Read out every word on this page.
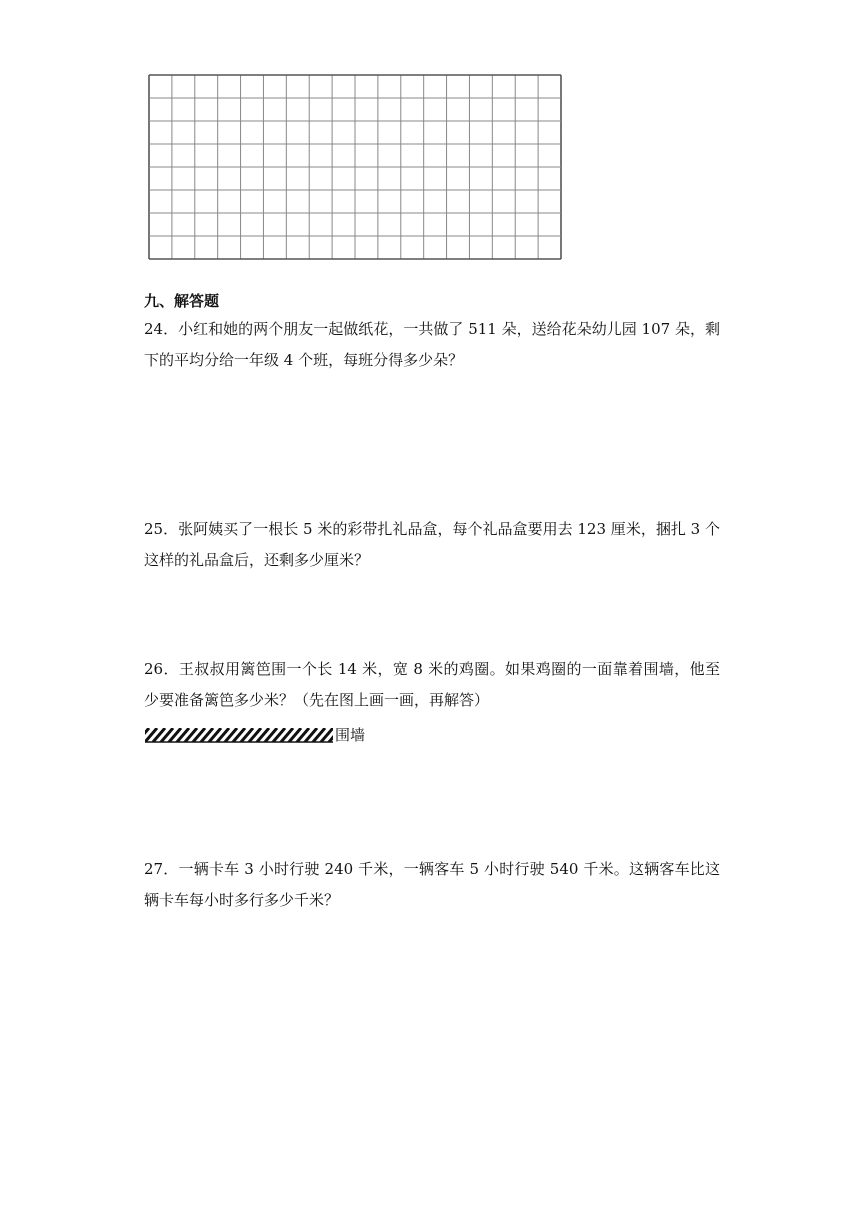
九、解答题

24．小红和她的两个朋友一起做纸花，一共做了 511 朵，送给花朵幼儿园 107 朵，剩下的平均分给一年级 4 个班，每班分得多少朵？

25．张阿姨买了一根长 5 米的彩带扎礼品盒，每个礼品盒要用去 123 厘米，捆扎 3 个这样的礼品盒后，还剩多少厘米？

26．王叔叔用篱笆围一个长 14 米，宽 8 米的鸡圈。如果鸡圈的一面靠着围墙，他至少要准备篱笆多少米？（先在图上画一画，再解答）

围墙

27．一辆卡车 3 小时行驶 240 千米，一辆客车 5 小时行驶 540 千米。这辆客车比这辆卡车每小时多行多少千米？
